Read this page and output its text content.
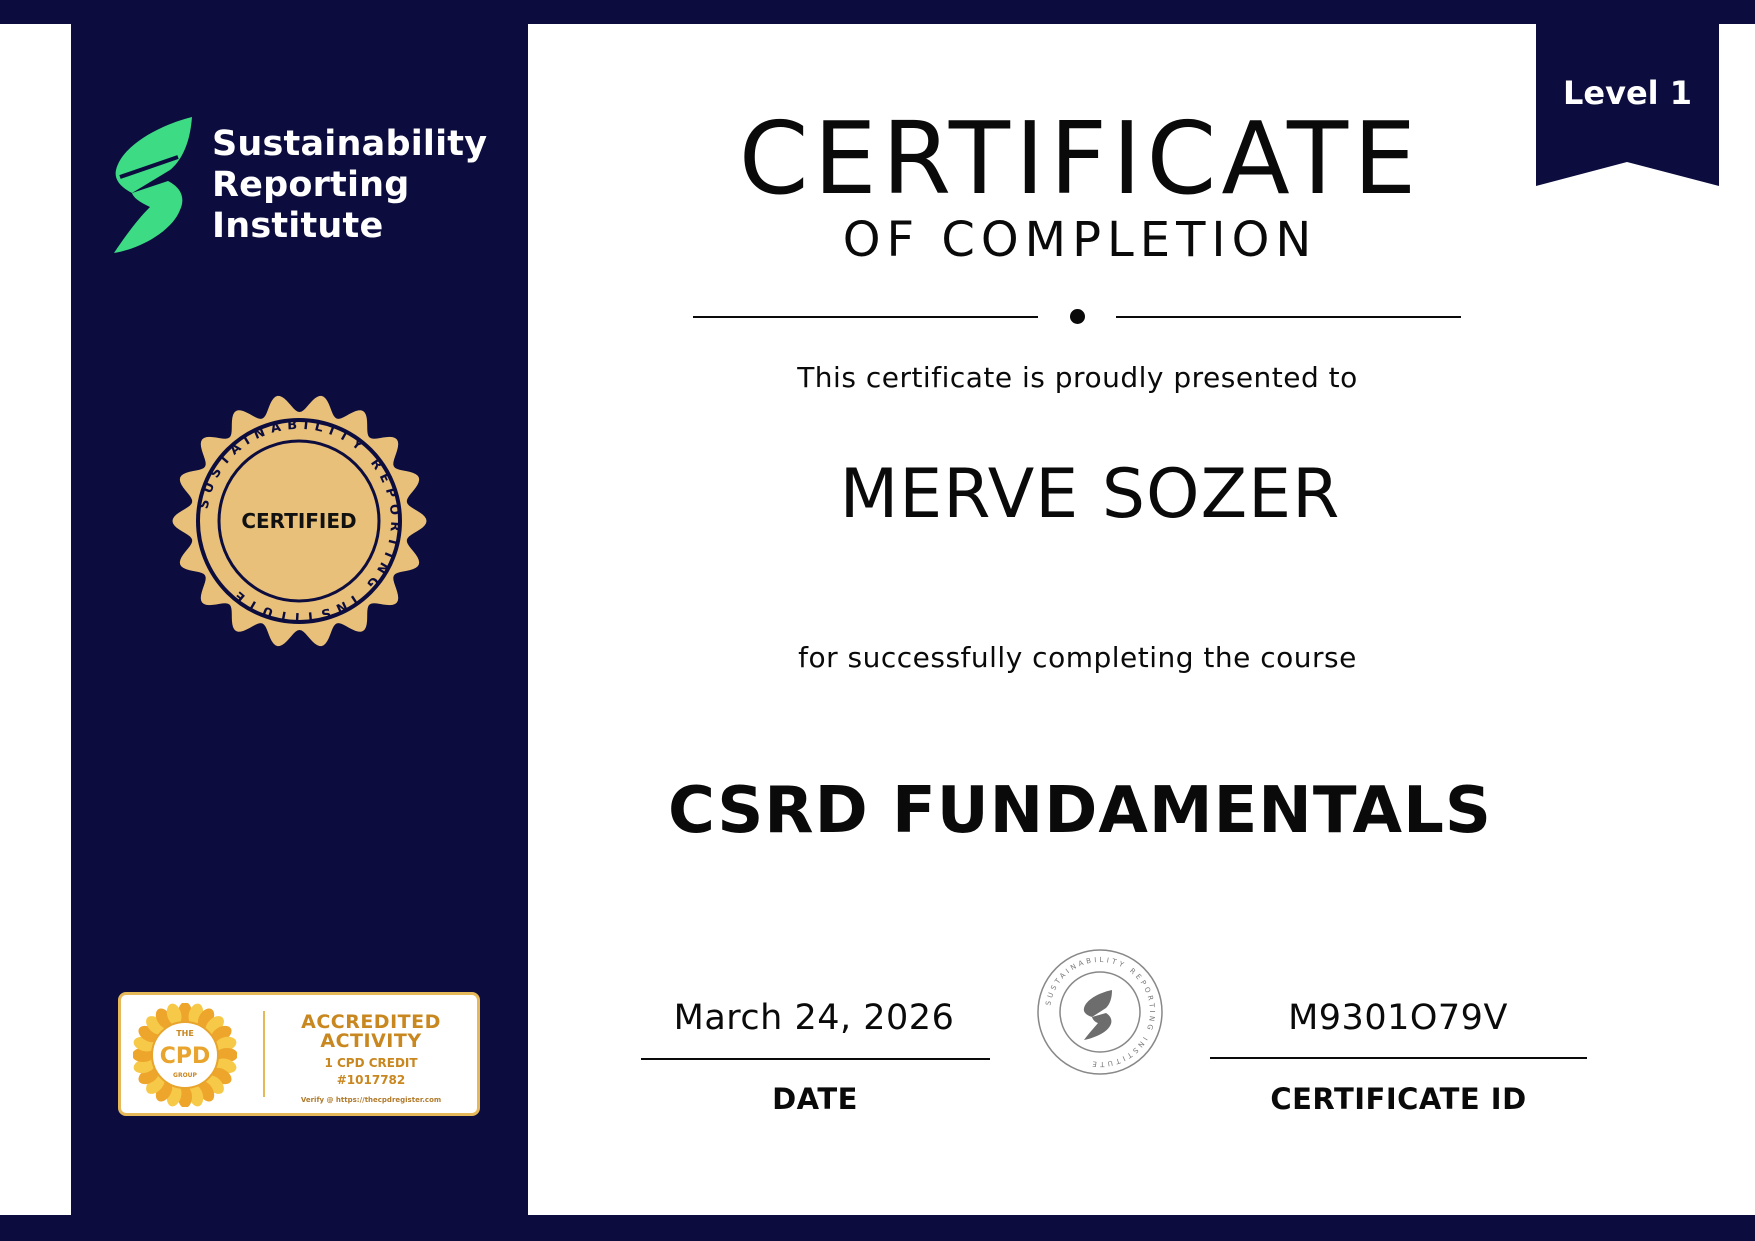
Sustainability
Reporting
Institute
SUSTAINABILITY REPORTING INSTITUTE
CERTIFIED
THE
CPD
GROUP
ACCREDITED
ACTIVITY
1 CPD CREDIT
#1017782
Verify @ https://thecpdregister.com
Level 1
CERTIFICATE
OF COMPLETION
This certificate is proudly presented to
MERVE SOZER
for successfully completing the course
CSRD FUNDAMENTALS
March 24, 2026
DATE
SUSTAINABILITY REPORTING INSTITUTE
M9301O79V
CERTIFICATE ID
